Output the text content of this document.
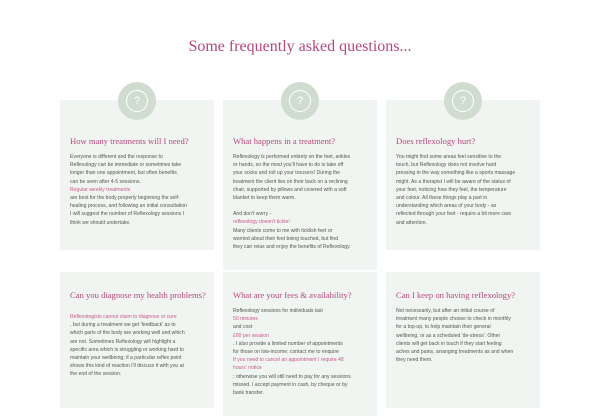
Some frequently asked questions...
?

How many treatments will I need?

Everyone is different and the response to

Reflexology can be immediate or sometimes take

longer than one appointment, but often benefits

can be seen after 4-5 sessions.

Regular weekly treatments

are best for the body properly beginning the self-

healing process, and following an initial consultation

I will suggest the number of Reflexology sessions I

think we should undertake.

?

What happens in a treatment?

Reflexology is performed entirely on the feet, ankles

or hands, so the most you'll have to do is take off

your socks and roll up your trousers! During the

treatment the client lies on their back on a reclining

chair, supported by pillows and covered with a soft

blanket to keep them warm.

And don't worry -

reflexology doesn't tickle!

Many clients come to me with ticklish feet or

worried about their feet being touched, but find

they can relax and enjoy the benefits of Reflexology.

?

Does reflexology hurt?

You might find some areas feel sensitive to the

touch, but Reflexology does not involve hard

pressing in the way something like a sports massage

might. As a therapist I will be aware of the status of

your feet, noticing how they feel, the temperature

and colour. All these things play a part in

understanding which areas of your body - as

reflected through your feet - require a bit more care

and attention.

Can you diagnose my health problems?

Reflexologists cannot claim to diagnose or cure

, but during a treatment we get 'feedback' as to

which parts of the body are working well and which

are not. Sometimes Reflexology will highlight a

specific area which is struggling or working hard to

maintain your wellbeing; if a particular reflex point

shows this kind of reaction I'll discuss it with you at

the end of the session.

What are your fees & availability?

Reflexology sessions for individuals last

50 minutes

and cost

£60 per session

. I also provide a limited number of appointments

for those on low-income; contact me to enquire

If you need to cancel an appointment I require 48

hours' notice

; otherwise you will still need to pay for any sessions

missed. I accept payment in cash, by cheque or by

bank transfer.

Can I keep on having reflexology?

Not necessarily, but after an initial course of

treatment many people choose to check in monthly

for a top-up, to help maintain their general

wellbeing, or as a scheduled 'de-stress'. Other

clients will get back in touch if they start feeling

aches and pains, arranging treatments as and when

they need them.
